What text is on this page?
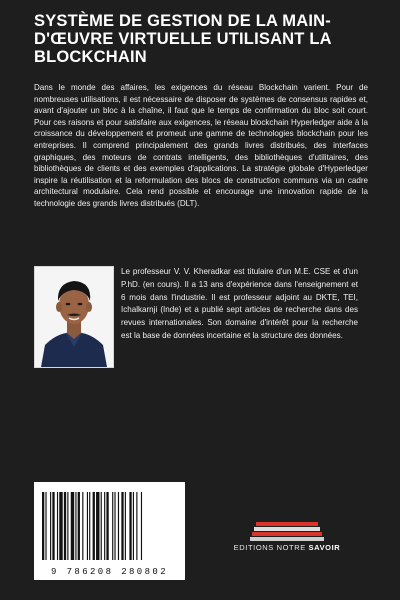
SYSTÈME DE GESTION DE LA MAIN-D'ŒUVRE VIRTUELLE UTILISANT LA BLOCKCHAIN

Dans le monde des affaires, les exigences du réseau Blockchain varient. Pour de nombreuses utilisations, il est nécessaire de disposer de systèmes de consensus rapides et, avant d'ajouter un bloc à la chaîne, il faut que le temps de confirmation du bloc soit court. Pour ces raisons et pour satisfaire aux exigences, le réseau blockchain Hyperledger aide à la croissance du développement et promeut une gamme de technologies blockchain pour les entreprises. Il comprend principalement des grands livres distribués, des interfaces graphiques, des moteurs de contrats intelligents, des bibliothèques d'utilitaires, des bibliothèques de clients et des exemples d'applications. La stratégie globale d'Hyperledger inspire la réutilisation et la reformulation des blocs de construction communs via un cadre architectural modulaire. Cela rend possible et encourage une innovation rapide de la technologie des grands livres distribués (DLT).

Le professeur V. V. Kheradkar est titulaire d'un M.E. CSE et d'un P.hD. (en cours). Il a 13 ans d'expérience dans l'enseignement et 6 mois dans l'industrie. Il est professeur adjoint au DKTE, TEI, Ichalkarnji (Inde) et a publié sept articles de recherche dans des revues internationales. Son domaine d'intérêt pour la recherche est la base de données incertaine et la structure des données.

9 786208 280802
EDITIONS NOTRE SAVOIR
